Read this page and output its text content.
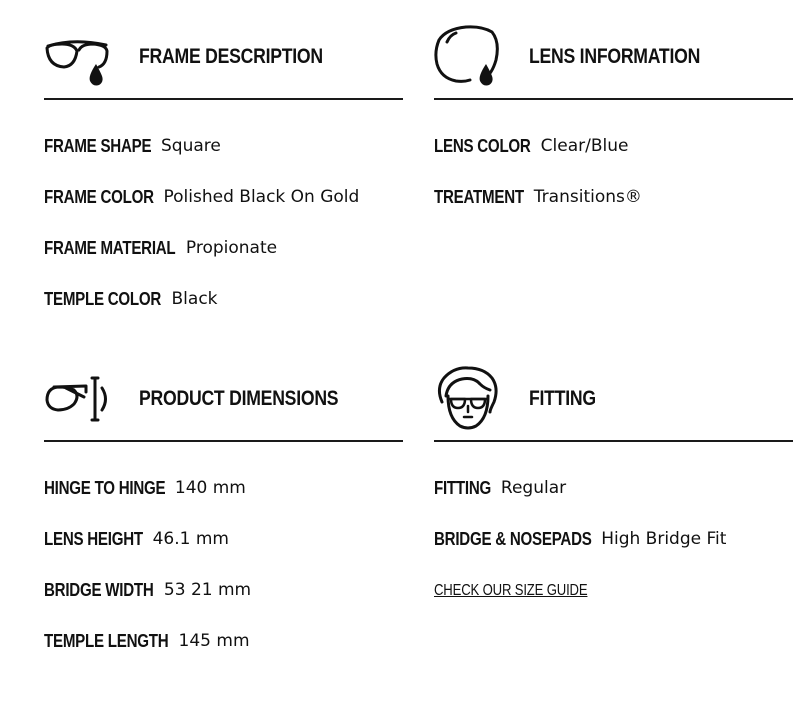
FRAME DESCRIPTION
FRAME SHAPE Square
FRAME COLOR Polished Black On Gold
FRAME MATERIAL Propionate
TEMPLE COLOR Black
LENS INFORMATION
LENS COLOR Clear/Blue
TREATMENT Transitions®
PRODUCT DIMENSIONS
HINGE TO HINGE 140 mm
LENS HEIGHT 46.1 mm
BRIDGE WIDTH 53 21 mm
TEMPLE LENGTH 145 mm
FITTING
FITTING Regular
BRIDGE & NOSEPADS High Bridge Fit
CHECK OUR SIZE GUIDE
